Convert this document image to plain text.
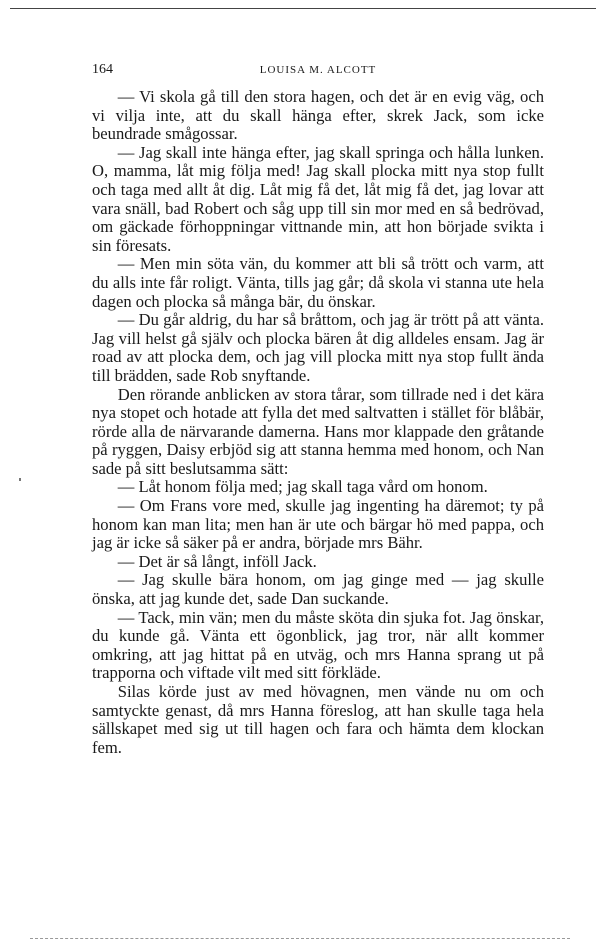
164	LOUISA M. ALCOTT

— Vi skola gå till den stora hagen, och det är en evig väg, och vi vilja inte, att du skall hänga efter, skrek Jack, som icke beundrade smågossar.

— Jag skall inte hänga efter, jag skall springa och hålla lunken. O, mamma, låt mig följa med! Jag skall plocka mitt nya stop fullt och taga med allt åt dig. Låt mig få det, låt mig få det, jag lovar att vara snäll, bad Robert och såg upp till sin mor med en så bedrövad, om gäckade förhoppningar vittnande min, att hon började svikta i sin föresats.

— Men min söta vän, du kommer att bli så trött och varm, att du alls inte får roligt. Vänta, tills jag går; då skola vi stanna ute hela dagen och plocka så många bär, du önskar.

— Du går aldrig, du har så bråttom, och jag är trött på att vänta. Jag vill helst gå själv och plocka bären åt dig alldeles ensam. Jag är road av att plocka dem, och jag vill plocka mitt nya stop fullt ända till brädden, sade Rob snyftande.

Den rörande anblicken av stora tårar, som tillrade ned i det kära nya stopet och hotade att fylla det med saltvatten i stället för blåbär, rörde alla de närvarande damerna. Hans mor klappade den gråtande på ryggen, Daisy erbjöd sig att stanna hemma med honom, och Nan sade på sitt beslutsamma sätt:

— Låt honom följa med; jag skall taga vård om honom.

— Om Frans vore med, skulle jag ingenting ha däremot; ty på honom kan man lita; men han är ute och bärgar hö med pappa, och jag är icke så säker på er andra, började mrs Bähr.

— Det är så långt, inföll Jack.

— Jag skulle bära honom, om jag ginge med — jag skulle önska, att jag kunde det, sade Dan suckande.

— Tack, min vän; men du måste sköta din sjuka fot. Jag önskar, du kunde gå. Vänta ett ögonblick, jag tror, när allt kommer omkring, att jag hittat på en utväg, och mrs Hanna sprang ut på trapporna och viftade vilt med sitt förkläde.

Silas körde just av med hövagnen, men vände nu om och samtyckte genast, då mrs Hanna föreslog, att han skulle taga hela sällskapet med sig ut till hagen och fara och hämta dem klockan fem.
